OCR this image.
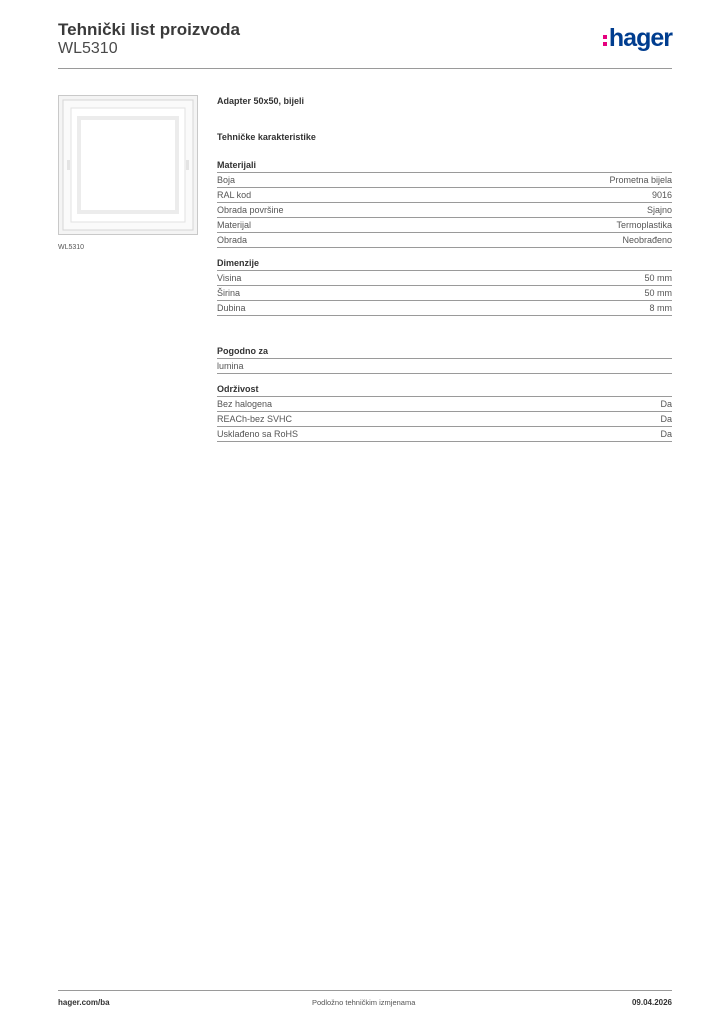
Tehnički list proizvoda
WL5310	hager
WL5310
Adapter 50x50, bijeli
Tehničke karakteristike
Materijali
Boja	Prometna bijela
RAL kod	9016
Obrada površine	Sjajno
Materijal	Termoplastika
Obrada	Neobrađeno
Dimenzije
Visina	50 mm
Širina	50 mm
Dubina	8 mm
Pogodno za
lumina
Održivost
Bez halogena	Da
REACh-bez SVHC	Da
Usklađeno sa RoHS	Da
hager.com/ba	Podložno tehničkim izmjenama	09.04.2026
